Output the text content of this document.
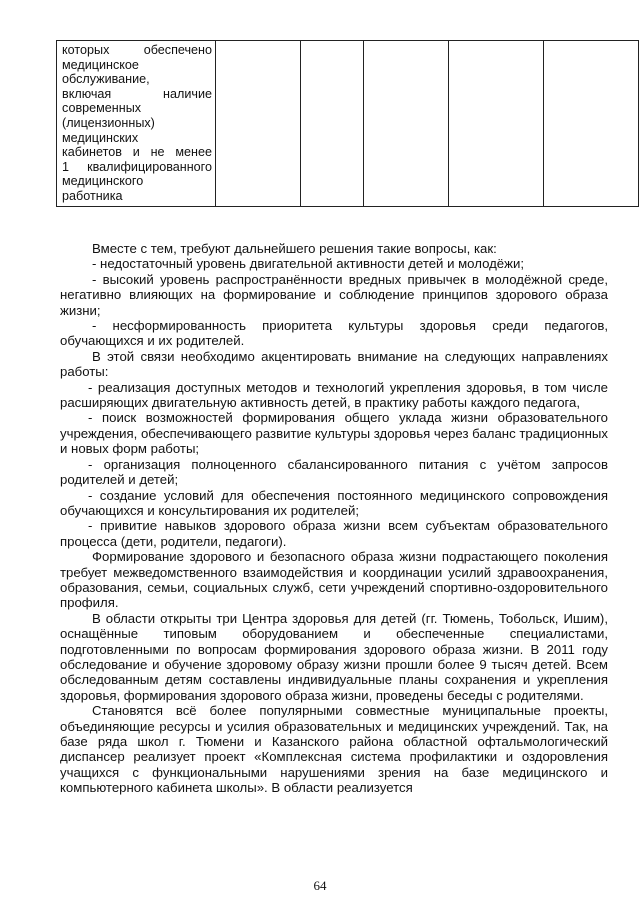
которых обеспечено
медицинское
обслуживание,
включая наличие
современных
(лицензионных)
медицинских
кабинетов и не менее
1 квалифицированного
медицинского
работника

Вместе с тем, требуют дальнейшего решения такие вопросы, как:

- недостаточный уровень двигательной активности детей и молодёжи;

- высокий уровень распространённости вредных привычек в молодёжной среде, негативно влияющих на формирование и соблюдение принципов здорового образа жизни;

- несформированность приоритета культуры здоровья среди педагогов, обучающихся и их родителей.

В этой связи необходимо акцентировать внимание на следующих направлениях работы:

- реализация доступных методов и технологий укрепления здоровья, в том числе расширяющих двигательную активность детей, в практику работы каждого педагога,

- поиск возможностей формирования общего уклада жизни образовательного учреждения, обеспечивающего развитие культуры здоровья через баланс традиционных и новых форм работы;

- организация полноценного сбалансированного питания с учётом запросов родителей и детей;

- создание условий для обеспечения постоянного медицинского сопровождения обучающихся и консультирования их родителей;

- привитие навыков здорового образа жизни всем субъектам образовательного процесса (дети, родители, педагоги).

Формирование здорового и безопасного образа жизни подрастающего поколения требует межведомственного взаимодействия и координации усилий здравоохранения, образования, семьи, социальных служб, сети учреждений спортивно-оздоровительного профиля.

В области открыты три Центра здоровья для детей (гг. Тюмень, Тобольск, Ишим), оснащённые типовым оборудованием и обеспеченные специалистами, подготовленными по вопросам формирования здорового образа жизни. В 2011 году обследование и обучение здоровому образу жизни прошли более 9 тысяч детей. Всем обследованным детям составлены индивидуальные планы сохранения и укрепления здоровья, формирования здорового образа жизни, проведены беседы с родителями.

Становятся всё более популярными совместные муниципальные проекты, объединяющие ресурсы и усилия образовательных и медицинских учреждений. Так, на базе ряда школ г. Тюмени и Казанского района областной офтальмологический диспансер реализует проект «Комплексная система профилактики и оздоровления учащихся с функциональными нарушениями зрения на базе медицинского и компьютерного кабинета школы». В области реализуется

64
